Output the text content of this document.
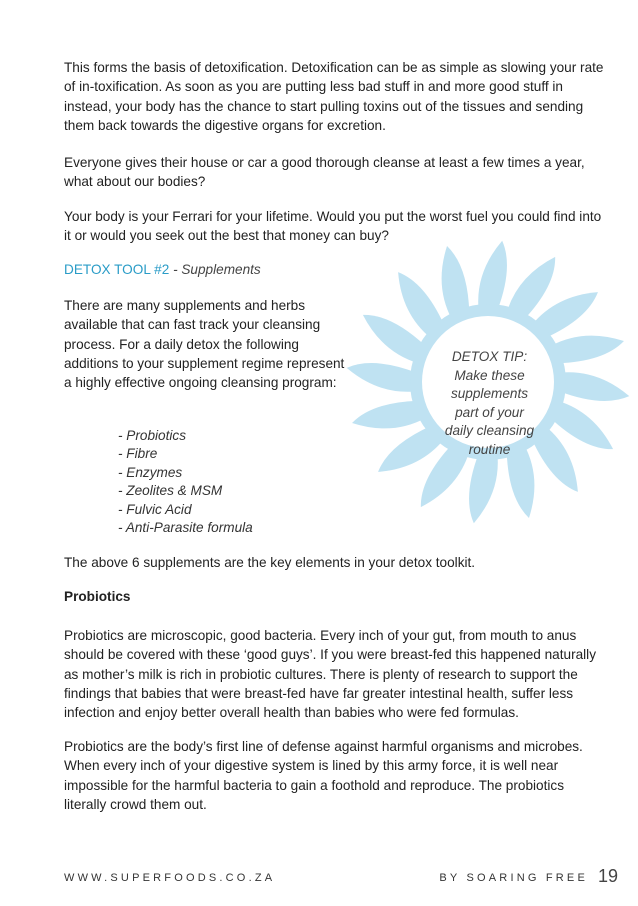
This forms the basis of detoxification. Detoxification can be as simple as slowing your rate of in-toxification. As soon as you are putting less bad stuff in and more good stuff in instead, your body has the chance to start pulling toxins out of the tissues and sending them back towards the digestive organs for excretion.

Everyone gives their house or car a good thorough cleanse at least a few times a year, what about our bodies?

Your body is your Ferrari for your lifetime. Would you put the worst fuel you could find into it or would you seek out the best that money can buy?

DETOX TOOL #2 - Supplements

There are many supplements and herbs available that can fast track your cleansing process. For a daily detox the following additions to your supplement regime represent a highly effective ongoing cleansing program:

- Probiotics
- Fibre
- Enzymes
- Zeolites & MSM
- Fulvic Acid
- Anti-Parasite formula
DETOX TIP:
Make these
supplements
part of your
daily cleansing
routine

The above 6 supplements are the key elements in your detox toolkit.

Probiotics

Probiotics are microscopic, good bacteria. Every inch of your gut, from mouth to anus should be covered with these ‘good guys’. If you were breast-fed this happened naturally as mother’s milk is rich in probiotic cultures. There is plenty of research to support the findings that babies that were breast-fed have far greater intestinal health, suffer less infection and enjoy better overall health than babies who were fed formulas.

Probiotics are the body’s first line of defense against harmful organisms and microbes. When every inch of your digestive system is lined by this army force, it is well near impossible for the harmful bacteria to gain a foothold and reproduce. The probiotics literally crowd them out.

WWW.SUPERFOODS.CO.ZA	BY SOARING FREE 19
